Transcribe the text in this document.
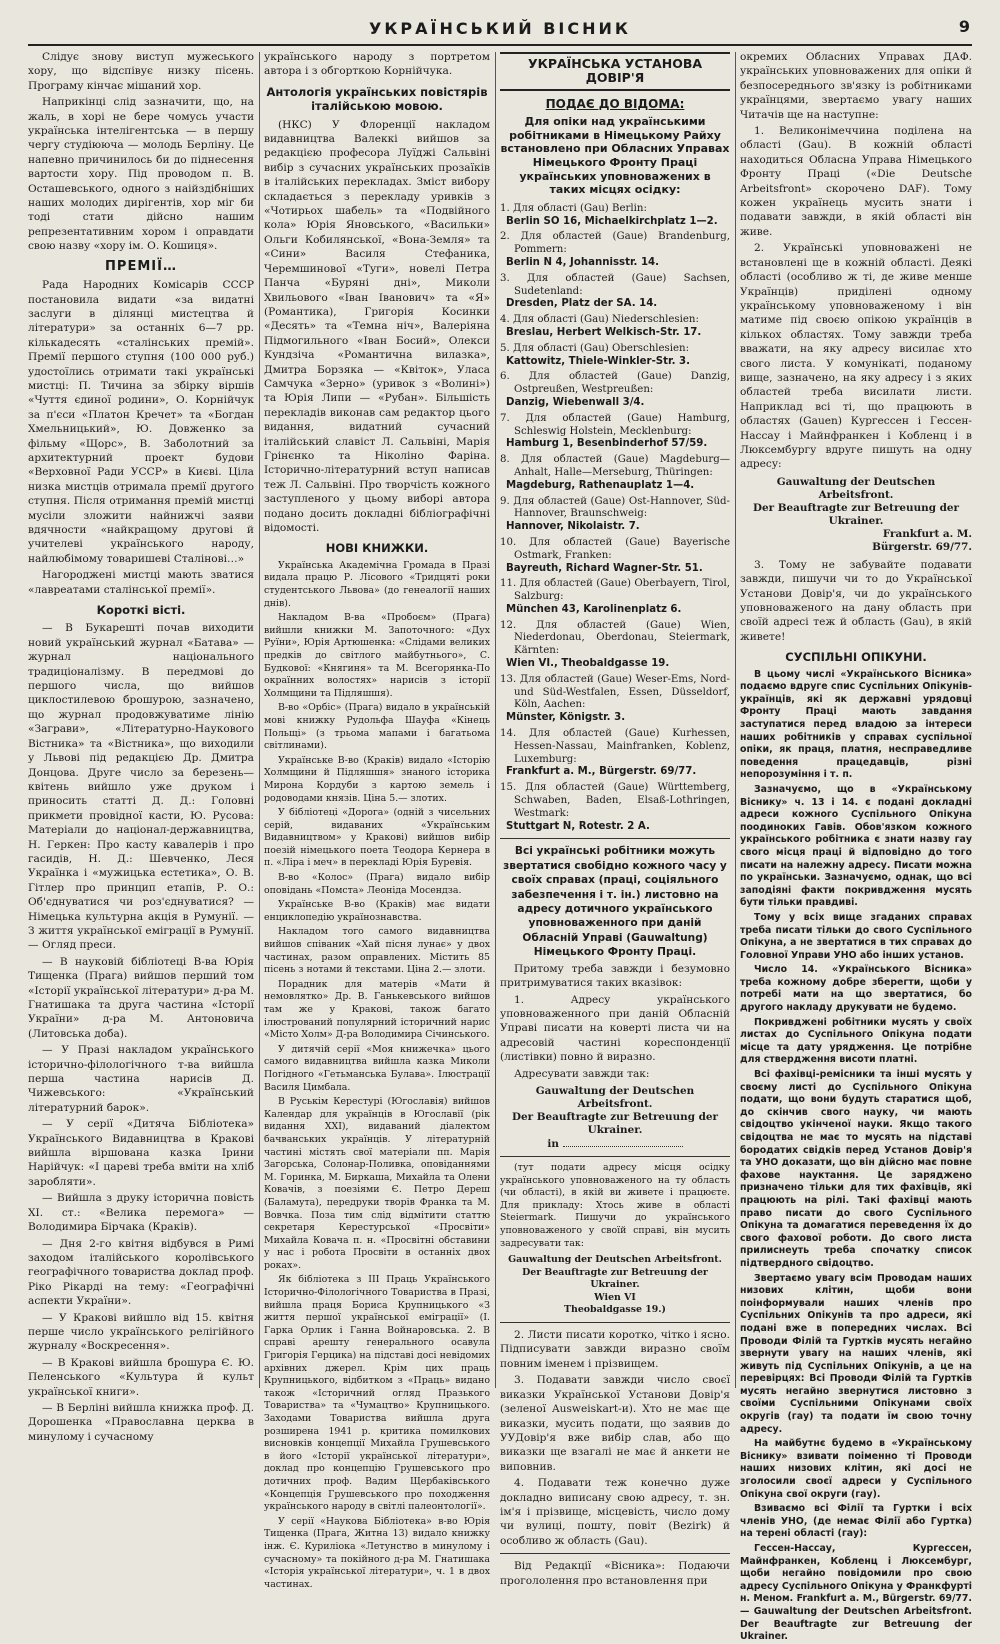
УКРАЇНСЬКИЙ ВІСНИК	9

Слідує знову виступ мужеського хору, що відспівує низку пісень. Програму кінчає мішаний хор.

Наприкінці слід зазначити, що, на жаль, в хорі не бере чомусь участи українська інтелігентська — в першу чергу студіююча — молодь Берліну. Це напевно причинилось би до піднесення вартости хору. Під проводом п. В. Осташевського, одного з наійздібніших наших молодих дирігентів, хор міг би тоді стати дійсно нашим репрезентативним хором і оправдати свою назву «хору ім. О. Кошиця».

ПРЕМІЇ…

Рада Народних Комісарів СССР постановила видати «за видатні заслуги в ділянці мистецтва й літератури» за останніх 6—7 рр. кількадесять «сталінських премій». Премії першого ступня (100 000 руб.) удостоїлись отримати такі українські мистці: П. Тичина за збірку віршів «Чуття єдиної родини», О. Корнійчук за п'єси «Платон Кречет» та «Богдан Хмельницький», Ю. Довженко за фільму «Щорс», В. Заболотний за архитектурний проект будови «Верховної Ради УССР» в Києві. Ціла низка мистців отримала премії другого ступня. Після отримання премій мистці мусіли зложити найнижчі заяви вдячности «найкращому другові й учителеві українського народу, найлюбімому товаришеві Сталінові…»

Нагороджені мистці мають зватися «лавреатами сталінської премії».

Короткі вісті.

— В Букарешті почав виходити новий український журнал «Батава» — журнал національного традиціоналізму. В передмові до першого числа, що вийшов циклостилевою брошурою, зазначено, що журнал продовжуватиме лінію «Заграви», «Літературно-Наукового Вістника» та «Вістника», що виходили у Львові під редакцією Др. Дмитра Донцова. Друге число за березень—квітень вийшло уже друком і приносить статті Д. Д.: Головні прикмети провідної касти, Ю. Русова: Матеріали до націонал-державництва, Н. Геркен: Про касту кавалерів і про гасидів, Н. Д.: Шевченко, Леся Українка і «мужицька естетика», О. В. Гітлер про принцип етапів, Р. О.: Об'єднуватися чи роз'єднуватися? — Німецька культурна акція в Румунії. — З життя української еміграції в Румунії. — Огляд преси.

— В науковій бібліотеці В-ва Юрія Тищенка (Прага) вийшов перший том «Історії української літератури» д-ра М. Гнатишака та друга частина «Історії України» д-ра М. Антоновича (Литовська доба).

— У Празі накладом українського історично-філологічного т-ва вийшла перша частина нарисів Д. Чижевського: «Український літературний барок».

— У серії «Дитяча Бібліотека» Українського Видавництва в Кракові вийшла віршована казка Ірини Нарійчук: «І цареві треба вміти на хліб заробляти».

— Вийшла з друку історична повість XI. ст.: «Велика перемога» — Володимира Бірчака (Краків).

— Дня 2-го квітня відбувся в Римі заходом італійського королівського географічного товариства доклад проф. Ріко Рікарді на тему: «Географічні аспекти України».

— У Кракові вийшло від 15. квітня перше число українського релігійного журналу «Воскресення».

— В Кракові вийшла брошура Є. Ю. Пеленського «Культура й культ української книги».

— В Берліні вийшла книжка проф. Д. Дорошенка «Православна церква в минулому і сучасному

українського народу з портретом автора і з обгорткою Корнійчука.

Антологія українських повістярів італійською мовою.

(НКС) У Флоренції накладом видавництва Валеккі вийшов за редакцією професора Луїджі Сальвіні вибір з сучасних українських прозаїків в італійських перекладах. Зміст вибору складається з перекладу уривків з «Чотирьох шабель» та «Подвійного кола» Юрія Яновського, «Васильки» Ольги Кобилянської, «Вона-Земля» та «Сини» Василя Стефаника, Черемшинової «Туги», новелі Петра Панча «Буряні дні», Миколи Хвильового «Іван Іванович» та «Я» (Романтика), Григорія Косинки «Десять» та «Темна ніч», Валеріяна Підмогильного «Іван Босий», Олекси Кундзіча «Романтична вилазка», Дмитра Борзяка — «Квіток», Уласа Самчука «Зерно» (уривок з «Волині») та Юрія Липи — «Рубан». Більшість перекладів виконав сам редактор цього видання, видатний сучасний італійський славіст Л. Сальвіні, Марія Грінєнко та Ніколіно Фаріна. Історично-літературний вступ написав теж Л. Сальвіні. Про творчість кожного заступленого у цьому виборі автора подано досить докладні бібліографічні відомості.

НОВІ КНИЖКИ.

Українська Академічна Громада в Празі видала працю Р. Лісового «Тридцяті роки студентського Львова» (до генеалогії наших днів).

Накладом В-ва «Пробоєм» (Прага) вийшли книжки М. Запоточного: «Дух Руїни», Юрія Артюшенка: «Слідами великих предків до світлого майбутнього», С. Будкової: «Княгиня» та М. Всегорянка-По окраїнних волостях» нарисів з історії Холмщини та Підляшшя).

В-во «Орбіс» (Прага) видало в українській мові книжку Рудольфа Шауфа «Кінець Польщі» (з трьома мапами і багатьома світлинами).

Українське В-во (Краків) видало «Історію Холмщини й Підляшшя» знаного історика Мирона Кордуби з картою земель і родоводами князів. Ціна 5.— злотих.

У бібліотеці «Дорога» (одній з чисельних серій, видаваних «Українським Видавництвом» у Кракові) вийшов вибір поезій німецького поета Теодора Кернера в п. «Ліра і меч» в перекладі Юрія Буревія.

В-во «Колос» (Прага) видало вибір оповідань «Помста» Леоніда Мосендза.

Українське В-во (Краків) має видати енциклопедію українознавства.

Накладом того самого видавництва вийшов співаник «Хай пісня лунає» у двох частинах, разом оправлених. Містить 85 пісень з нотами й текстами. Ціна 2.— злоти.

Порадник для матерів «Мати й немовлятко» Др. В. Ганькевського вийшов там же у Кракові, також багато ілюстрований популярний історичний нарис «Місто Холм» Д-ра Володимира Січинського.

У дитячій серії «Моя книжечка» цього самого видавництва вийшла казка Миколи Погідного «Гетьманська Булава». Ілюстрації Василя Цимбала.

В Руськім Керестурі (Югославія) вийшов Календар для українців в Югославії (рік видання XXI), видаваний діалектом бачванських українців. У літературній частині містять свої матеріали пп. Марія Загорська, Солонар-Поливка, оповіданнями М. Горинка, М. Биркаша, Михайла та Олени Ковачів, з поезіями Є. Петро Дереш (Баламута), передруки творів Франка та М. Вовчка. Поза тим слід відмітити статтю секретаря Керестурської «Просвіти» Михайла Ковача п. н. «Просвітні обставини у нас і робота Просвіти в останніх двох роках».

Як бібліотека з III Праць Українського Історично-Філологічного Товариства в Празі, вийшла праця Бориса Крупницького «З життя першої української еміграції» (І. Гарка Орлик і Ганна Войнаровська. 2. В справі арешту генерального осавула Григорія Герцика) на підставі досі невідомих архівних джерел. Крім цих праць Крупницького, відбитком з «Праць» видано також «Історичний огляд Празького Товариства» та «Чумацтво» Крупницького. Заходами Товариства вийшла друга розширена 1941 р. критика помилкових висновків концепції Михайла Грушевського в його «Історії української літератури», доклад про концепцію Грушевського про дотичних проф. Вадим Щербаківського «Концепція Грушевського про походження українського народу в світлі палеонтології».

У серії «Наукова Бібліотека» в-во Юрія Тищенка (Прага, Житна 13) видало книжку інж. Є. Куриліока «Летунство в минулому і сучасному» та покійного д-ра М. Гнатишака «Історія української літератури», ч. 1 в двох частинах.

УКРАЇНСЬКА УСТАНОВА ДОВІР'Я
ПОДАЄ ДО ВІДОМА:
Для опіки над українськими робітниками в Німецькому Райху встановлено при Обласних Управах Німецького Фронту Праці українських уповноважених в таких місцях осідку:
1. Для області (Gau) Berlin:
Berlin SO 16, Michaelkirchplatz 1—2.
2. Для областей (Gaue) Brandenburg, Pommern:
Berlin N 4, Johannisstr. 14.
3. Для областей (Gaue) Sachsen, Sudetenland:
Dresden, Platz der SA. 14.
4. Для області (Gau) Niederschlesien:
Breslau, Herbert Welkisch-Str. 17.
5. Для області (Gau) Oberschlesien:
Kattowitz, Thiele-Winkler-Str. 3.
6. Для областей (Gaue) Danzig, Ostpreußen, Westpreußen:
Danzig, Wiebenwall 3/4.
7. Для областей (Gaue) Hamburg, Schleswig Holstein, Mecklenburg:
Hamburg 1, Besenbinderhof 57/59.
8. Для областей (Gaue) Magdeburg—Anhalt, Halle—Merseburg, Thüringen:
Magdeburg, Rathenauplatz 1—4.
9. Для областей (Gaue) Ost-Hannover, Süd-Hannover, Braunschweig:
Hannover, Nikolaistr. 7.
10. Для областей (Gaue) Bayerische Ostmark, Franken:
Bayreuth, Richard Wagner-Str. 51.
11. Для областей (Gaue) Oberbayern, Tirol, Salzburg:
München 43, Karolinenplatz 6.
12. Для областей (Gaue) Wien, Niederdonau, Oberdonau, Steiermark, Kärnten:
Wien VI., Theobaldgasse 19.
13. Для областей (Gaue) Weser-Ems, Nord- und Süd-Westfalen, Essen, Düsseldorf, Köln, Aachen:
Münster, Königstr. 3.
14. Для областей (Gaue) Kurhessen, Hessen-Nassau, Mainfranken, Koblenz, Luxemburg:
Frankfurt a. M., Bürgerstr. 69/77.
15. Для областей (Gaue) Württemberg, Schwaben, Baden, Elsaß-Lothringen, Westmark:
Stuttgart N, Rotestr. 2 A.

Всі українські робітники можуть звертатися свобідно кожного часу у своїх справах (праці, соціяльного забезпечення і т. ін.) листовно на адресу дотичного українського уповноваженного при даній Обласній Управі (Gauwaltung) Німецького Фронту Праці.

Притому треба завжди і безумовно притримуватися таких вказівок:

1. Адресу українського уповноваженного при даній Обласній Управі писати на коверті листа чи на адресовій частині кореспонденції (листівки) повно й виразно.

Адресувати завжди так:

Gauwaltung der Deutschen Arbeitsfront.
Der Beauftragte zur Betreuung der Ukrainer.
in

(тут подати адресу місця осідку українського уповноваженого на ту область (чи області), в якій ви живете і працюєте. Для прикладу: Хтось живе в області Steiermark. Пишучи до українського уповноваженого у своїй справі, він мусить задресувати так:

Gauwaltung der Deutschen Arbeitsfront.
Der Beauftragte zur Betreuung der Ukrainer.
Wien VI
Theobaldgasse 19.)

2. Листи писати коротко, чітко і ясно. Підписувати завжди виразно своїм повним іменем і прізвищем.

3. Подавати завжди число своєї виказки Української Установи Довір'я (зеленої Ausweiskart-и). Хто не має ще виказки, мусить подати, що заявив до УУДовір'я вже вибір слав, або що виказки ще взагалі не має й анкети не виповнив.

4. Подавати теж конечно дуже докладно виписану свою адресу, т. зн. ім'я і прізвище, місцевість, число дому чи вулиці, пошту, повіт (Bezirk) й особливо ж область (Gau).

Від Редакції «Вісника»: Подаючи прогололення про встановлення при

окремих Обласних Управах ДАФ. українських уповноважених для опіки й безпосереднього зв'язку із робітниками українцями, звертаємо увагу наших Читачів ще на наступне:

1. Великонімеччина поділена на області (Gau). В кожній області находиться Обласна Управа Німецького Фронту Праці («Die Deutsche Arbeitsfront» скорочено DAF). Тому кожен українець мусить знати і подавати завжди, в якій області він живе.

2. Українські уповноважені не встановлені ще в кожній області. Деякі області (особливо ж ті, де живе менше Українців) приділені одному українському уповноваженому і він матиме під своєю опікою українців в кількох областях. Тому завжди треба вважати, на яку адресу висилає хто свого листа. У комунікаті, поданому вище, зазначено, на яку адресу і з яких областей треба висилати листи. Наприклад всі ті, що працюють в областях (Gauen) Кургессен і Гессен-Нассау і Майнфранкен і Кобленц і в Люксембургу вдруге пишуть на одну адресу:

Gauwaltung der Deutschen Arbeitsfront.
Der Beauftragte zur Betreuung der Ukrainer.
Frankfurt a. M.
Bürgerstr. 69/77.

3. Тому не забувайте подавати завжди, пишучи чи то до Української Установи Довір'я, чи до українського уповноваженого на дану область при своїй адресі теж й область (Gau), в якій живете!

СУСПІЛЬНІ ОПІКУНИ.

В цьому числі «Українського Вісника» подаємо вдруге спис Суспільних Опікунів-українців, які як державні урядовці Фронту Праці мають завдання заступатися перед владою за інтереси наших робітників у справах суспільної опіки, як праця, платня, несправедливе поведення працедавців, різні непорозуміння і т. п.

Зазначуємо, що в «Українському Віснику» ч. 13 і 14. є подані докладні адреси кожного Суспільного Опікуна поодиноких Гавів. Обов'язком кожного українського робітника є знати назву гау свого місця праці й відповідно до того писати на належну адресу. Писати можна по українськи. Зазначуємо, однак, що всі заподіяні факти покривдження мусять бути тільки правдиві.

Тому у всіх вище згаданих справах треба писати тільки до свого Суспільного Опікуна, а не звертатися в тих справах до Головної Управи УНО або інших установ.

Число 14. «Українського Вісника» треба кожному добре зберегти, щоби у потребі мати на що звертатися, бо другого накладу друкувати не будемо.

Покривджені робітники мусять у своїх листах до Суспільного Опікуна подати місце та дату урядження. Це потрібне для ствердження висоти платні.

Всі фахівці-ремісники та інші мусять у своєму листі до Суспільного Опікуна подати, що вони будуть старатися щоб, до скінчив свого науку, чи мають свідоцтво укінченої науки. Якщо такого свідоцтва не має то мусять на підставі бородатих свідків перед Установ Довір'я та УНО доказати, що він дійсно має повне фахове науктання. Це заряджено призначено тільки для тих фахівців, які працюють на рілі. Такі фахівці мають право писати до свого Суспільного Опікуна та домагатися переведення їх до свого фахової роботи. До свого листа прилиснеуть треба спочатку список підтвердного свідоцтво.

Звертаємо увагу всім Проводам наших низових клітин, щоби вони поінформували наших членів про Суспільних Опікунів та про адреси, які подані вже в попередних числах. Всі Проводи Філій та Гуртків мусять негайно звернути увагу на наших членів, які живуть під Суспільних Опікунів, а це на перевірцях: Всі Проводи Філій та Гуртків мусять негайно звернутися листовно з своїми Суспільними Опікунами своїх округів (гау) та подати їм свою точну адресу.

На майбутнє будемо в «Українському Віснику» взивати поіменно ті Проводи наших низових клітин, які досі не зголосили своєї адреси у Суспільного Опікуна свої округи (гау).

Взиваємо всі Філії та Гуртки і всіх членів УНО, (де немає Філії або Гуртка) на терені області (гау):

Гессен-Нассау, Кургессен, Майнфранкен, Кобленц і Люксембург, щоби негайно повідомили про свою адресу Суспільного Опікуна у Франкфурті н. Меном. Frankfurt a. M., Bürgerstr. 69/77. — Gauwaltung der Deutschen Arbeitsfront. Der Beauftragte zur Betreuung der Ukrainer.
